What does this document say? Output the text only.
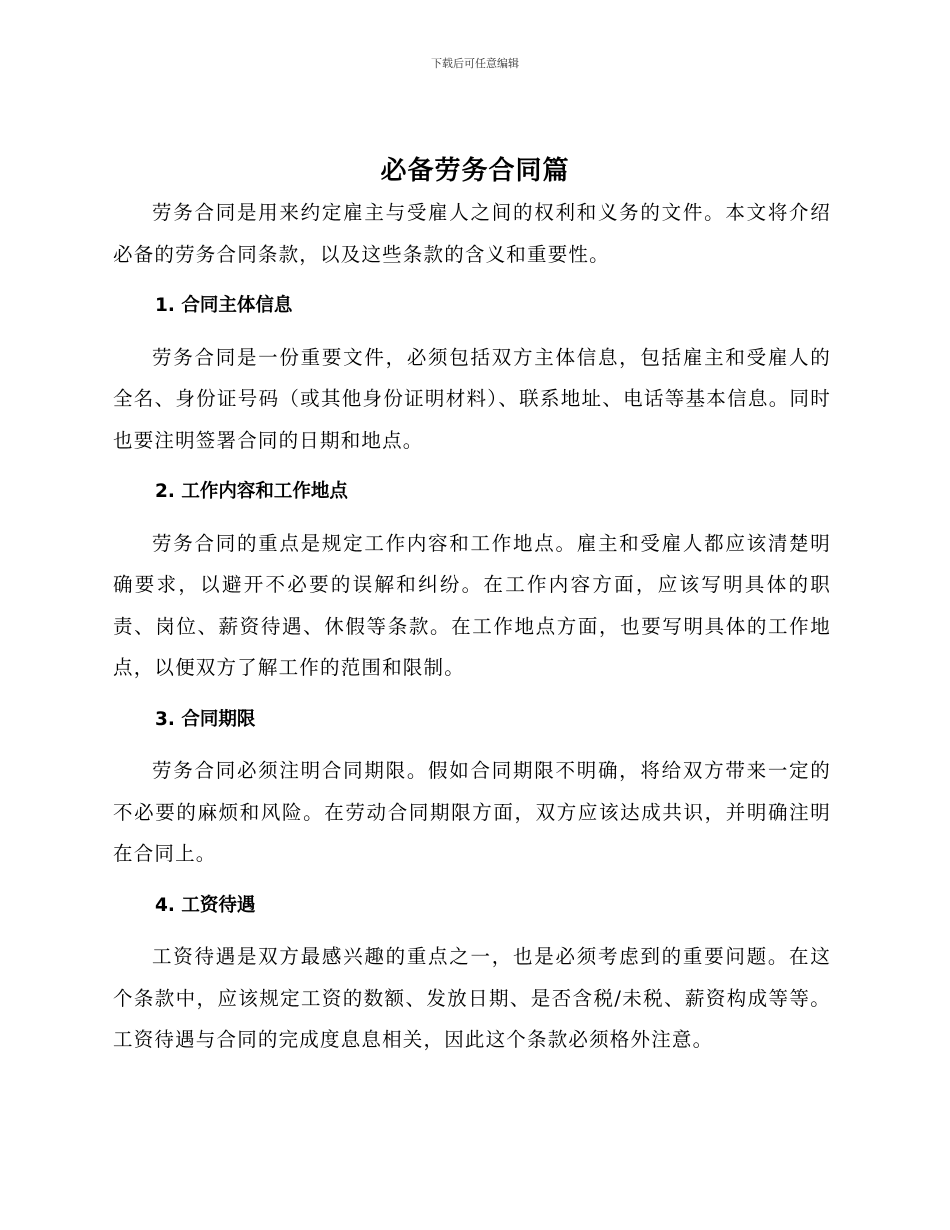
下载后可任意编辑
必备劳务合同篇

劳务合同是用来约定雇主与受雇人之间的权利和义务的文件。本文将介绍必备的劳务合同条款，以及这些条款的含义和重要性。

1. 合同主体信息

劳务合同是一份重要文件，必须包括双方主体信息，包括雇主和受雇人的全名、身份证号码（或其他身份证明材料）、联系地址、电话等基本信息。同时也要注明签署合同的日期和地点。

2. 工作内容和工作地点

劳务合同的重点是规定工作内容和工作地点。雇主和受雇人都应该清楚明确要求，以避开不必要的误解和纠纷。在工作内容方面，应该写明具体的职责、岗位、薪资待遇、休假等条款。在工作地点方面，也要写明具体的工作地点，以便双方了解工作的范围和限制。

3. 合同期限

劳务合同必须注明合同期限。假如合同期限不明确，将给双方带来一定的不必要的麻烦和风险。在劳动合同期限方面，双方应该达成共识，并明确注明在合同上。

4. 工资待遇

工资待遇是双方最感兴趣的重点之一，也是必须考虑到的重要问题。在这个条款中，应该规定工资的数额、发放日期、是否含税/未税、薪资构成等等。工资待遇与合同的完成度息息相关，因此这个条款必须格外注意。
